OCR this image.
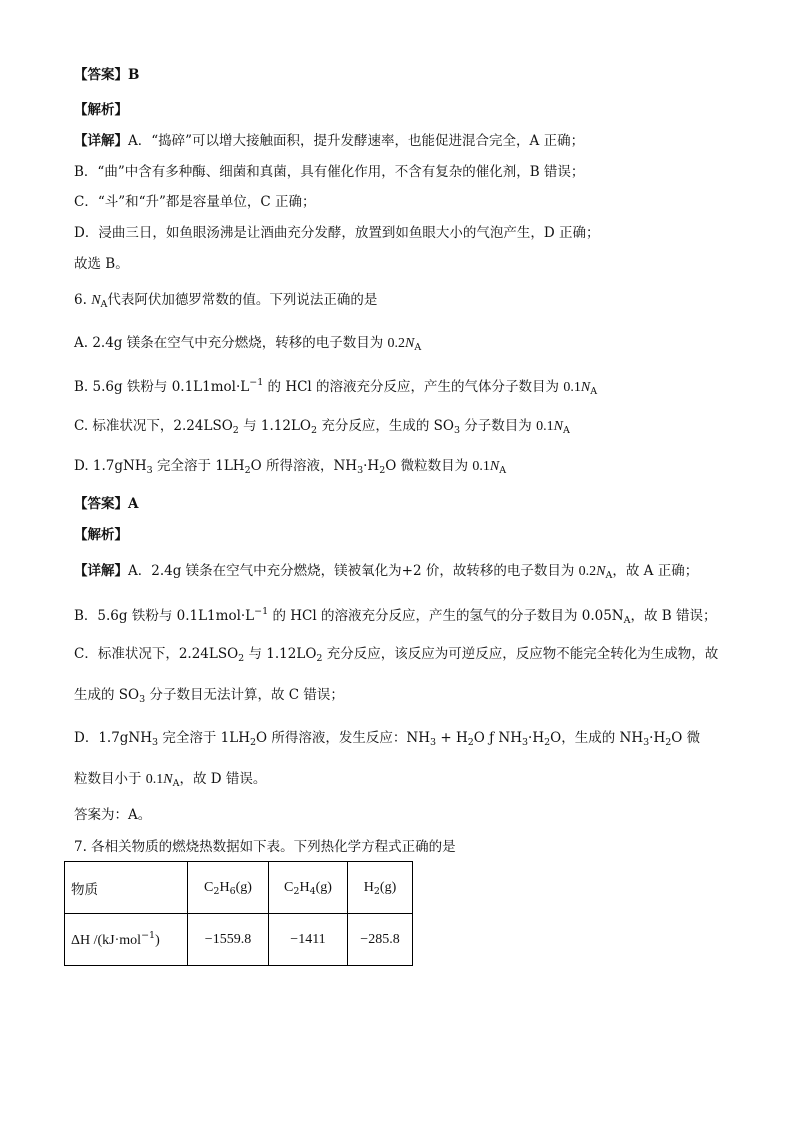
【答案】B
【解析】
【详解】A．“捣碎”可以增大接触面积，提升发酵速率，也能促进混合完全，A 正确；
B．“曲”中含有多种酶、细菌和真菌，具有催化作用，不含有复杂的催化剂，B 错误；
C．“斗”和“升”都是容量单位，C 正确；
D．浸曲三日，如鱼眼汤沸是让酒曲充分发酵，放置到如鱼眼大小的气泡产生，D 正确；
故选 B。
6. $N_A$代表阿伏加德罗常数的值。下列说法正确的是
A. 2.4g 镁条在空气中充分燃烧，转移的电子数目为 $0.2N_A$
B. 5.6g 铁粉与 $0.1L1mol\cdot L^{-1}$ 的 HCl 的溶液充分反应，产生的气体分子数目为 $0.1N_A$
C. 标准状况下，$2.24LSO_2$ 与 $1.12LO_2$ 充分反应，生成的 $SO_3$ 分子数目为 $0.1N_A$
D. 1.7gNH$_3$ 完全溶于 $1LH_2O$ 所得溶液，$NH_3\cdot H_2O$ 微粒数目为 $0.1N_A$
【答案】A
【解析】
【详解】A．2.4g 镁条在空气中充分燃烧，镁被氧化为+2 价，故转移的电子数目为 $0.2N_A$，故 A 正确；
B．5.6g 铁粉与 $0.1L1mol\cdot L^{-1}$ 的 HCl 的溶液充分反应，产生的氢气的分子数目为 $0.05N_A$，故 B 错误；
C．标准状况下，$2.24LSO_2$ 与 $1.12LO_2$ 充分反应，该反应为可逆反应，反应物不能完全转化为生成物，故
生成的 $SO_3$ 分子数目无法计算，故 C 错误；
D．1.7gNH$_3$ 完全溶于 $1LH_2O$ 所得溶液，发生反应：$NH_3 + H_2O$ ƒ $NH_3\cdot H_2O$，生成的 $NH_3\cdot H_2O$ 微
粒数目小于 $0.1N_A$，故 D 错误。
答案为：A。
7. 各相关物质的燃烧热数据如下表。下列热化学方程式正确的是
物质	$C_2H_6(g)$	$C_2H_4(g)$	$H_2(g)$
ΔH /(kJ·mol$^{-1}$)	−1559.8	−1411	−285.8
